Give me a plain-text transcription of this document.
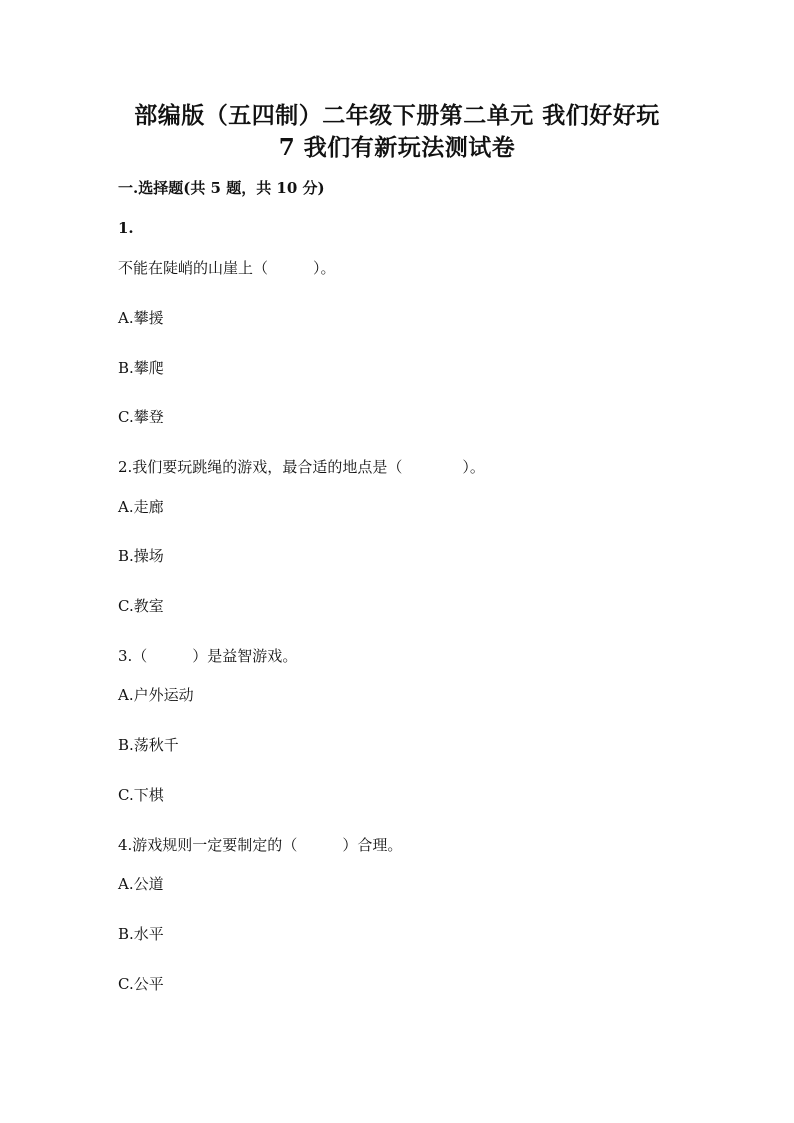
部编版（五四制）二年级下册第二单元 我们好好玩
7 我们有新玩法测试卷
一.选择题(共 5 题，共 10 分)
1.
不能在陡峭的山崖上（　　　）。
A.攀援
B.攀爬
C.攀登
2.我们要玩跳绳的游戏，最合适的地点是（　　　　）。
A.走廊
B.操场
C.教室
3.（　　　）是益智游戏。
A.户外运动
B.荡秋千
C.下棋
4.游戏规则一定要制定的（　　　）合理。
A.公道
B.水平
C.公平
